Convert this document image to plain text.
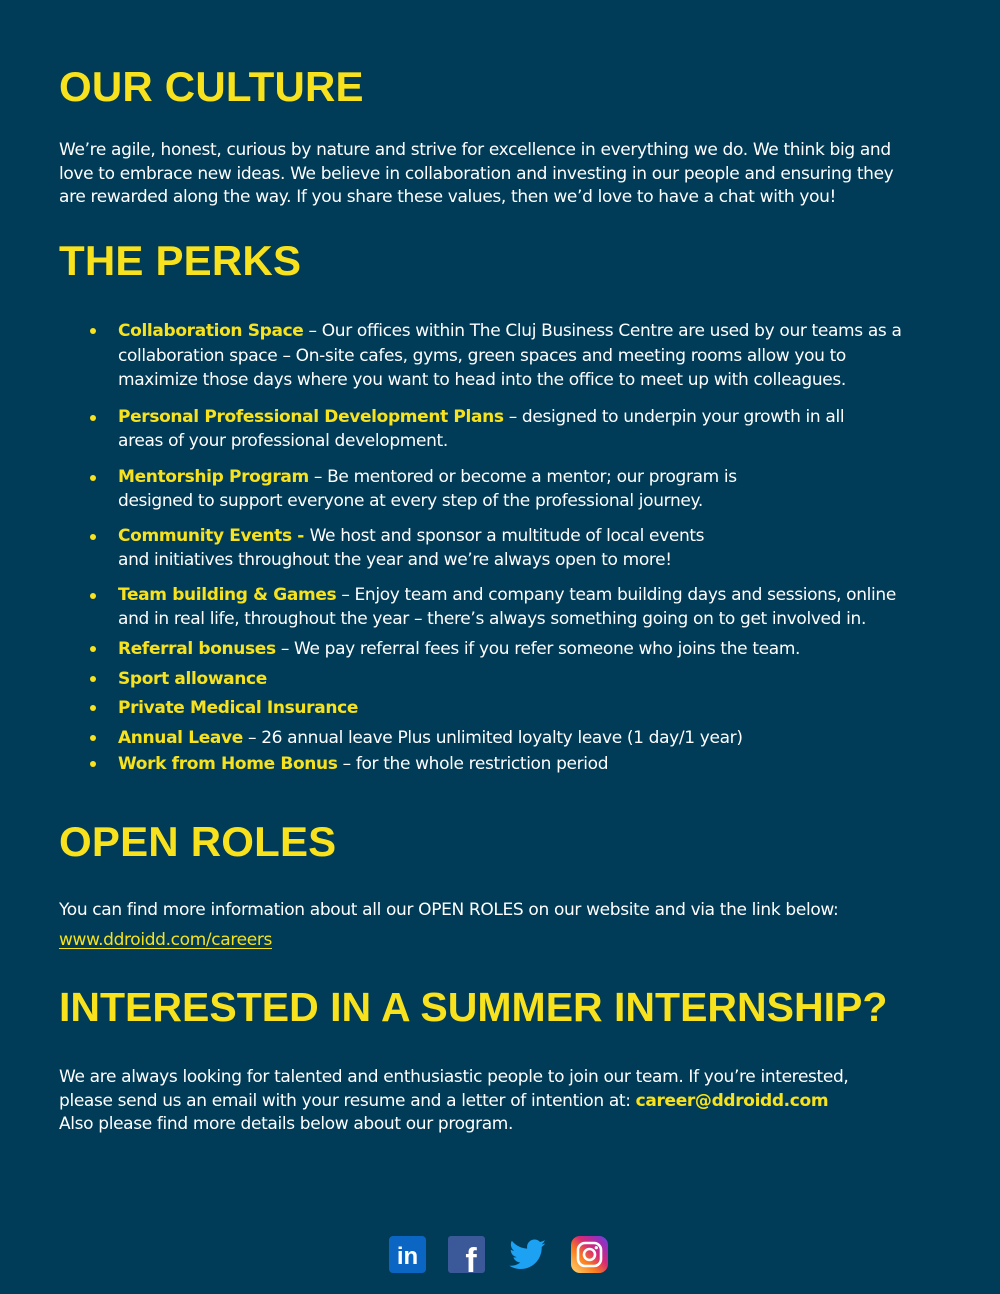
OUR CULTURE

We’re agile, honest, curious by nature and strive for excellence in everything we do. We think big and
love to embrace new ideas. We believe in collaboration and investing in our people and ensuring they
are rewarded along the way. If you share these values, then we’d love to have a chat with you!

THE PERKS
Collaboration Space – Our offices within The Cluj Business Centre are used by our teams as a
collaboration space – On-site cafes, gyms, green spaces and meeting rooms allow you to
maximize those days where you want to head into the office to meet up with colleagues.
Personal Professional Development Plans – designed to underpin your growth in all
areas of your professional development.
Mentorship Program – Be mentored or become a mentor; our program is
designed to support everyone at every step of the professional journey.
Community Events - We host and sponsor a multitude of local events
and initiatives throughout the year and we’re always open to more!
Team building & Games – Enjoy team and company team building days and sessions, online
and in real life, throughout the year – there’s always something going on to get involved in.
Referral bonuses – We pay referral fees if you refer someone who joins the team.
Sport allowance
Private Medical Insurance
Annual Leave – 26 annual leave Plus unlimited loyalty leave (1 day/1 year)
Work from Home Bonus – for the whole restriction period
OPEN ROLES

You can find more information about all our OPEN ROLES on our website and via the link below:
www.ddroidd.com/careers

INTERESTED IN A SUMMER INTERNSHIP?

We are always looking for talented and enthusiastic people to join our team. If you’re interested,
please send us an email with your resume and a letter of intention at: career@ddroidd.com
Also please find more details below about our program.

in f
